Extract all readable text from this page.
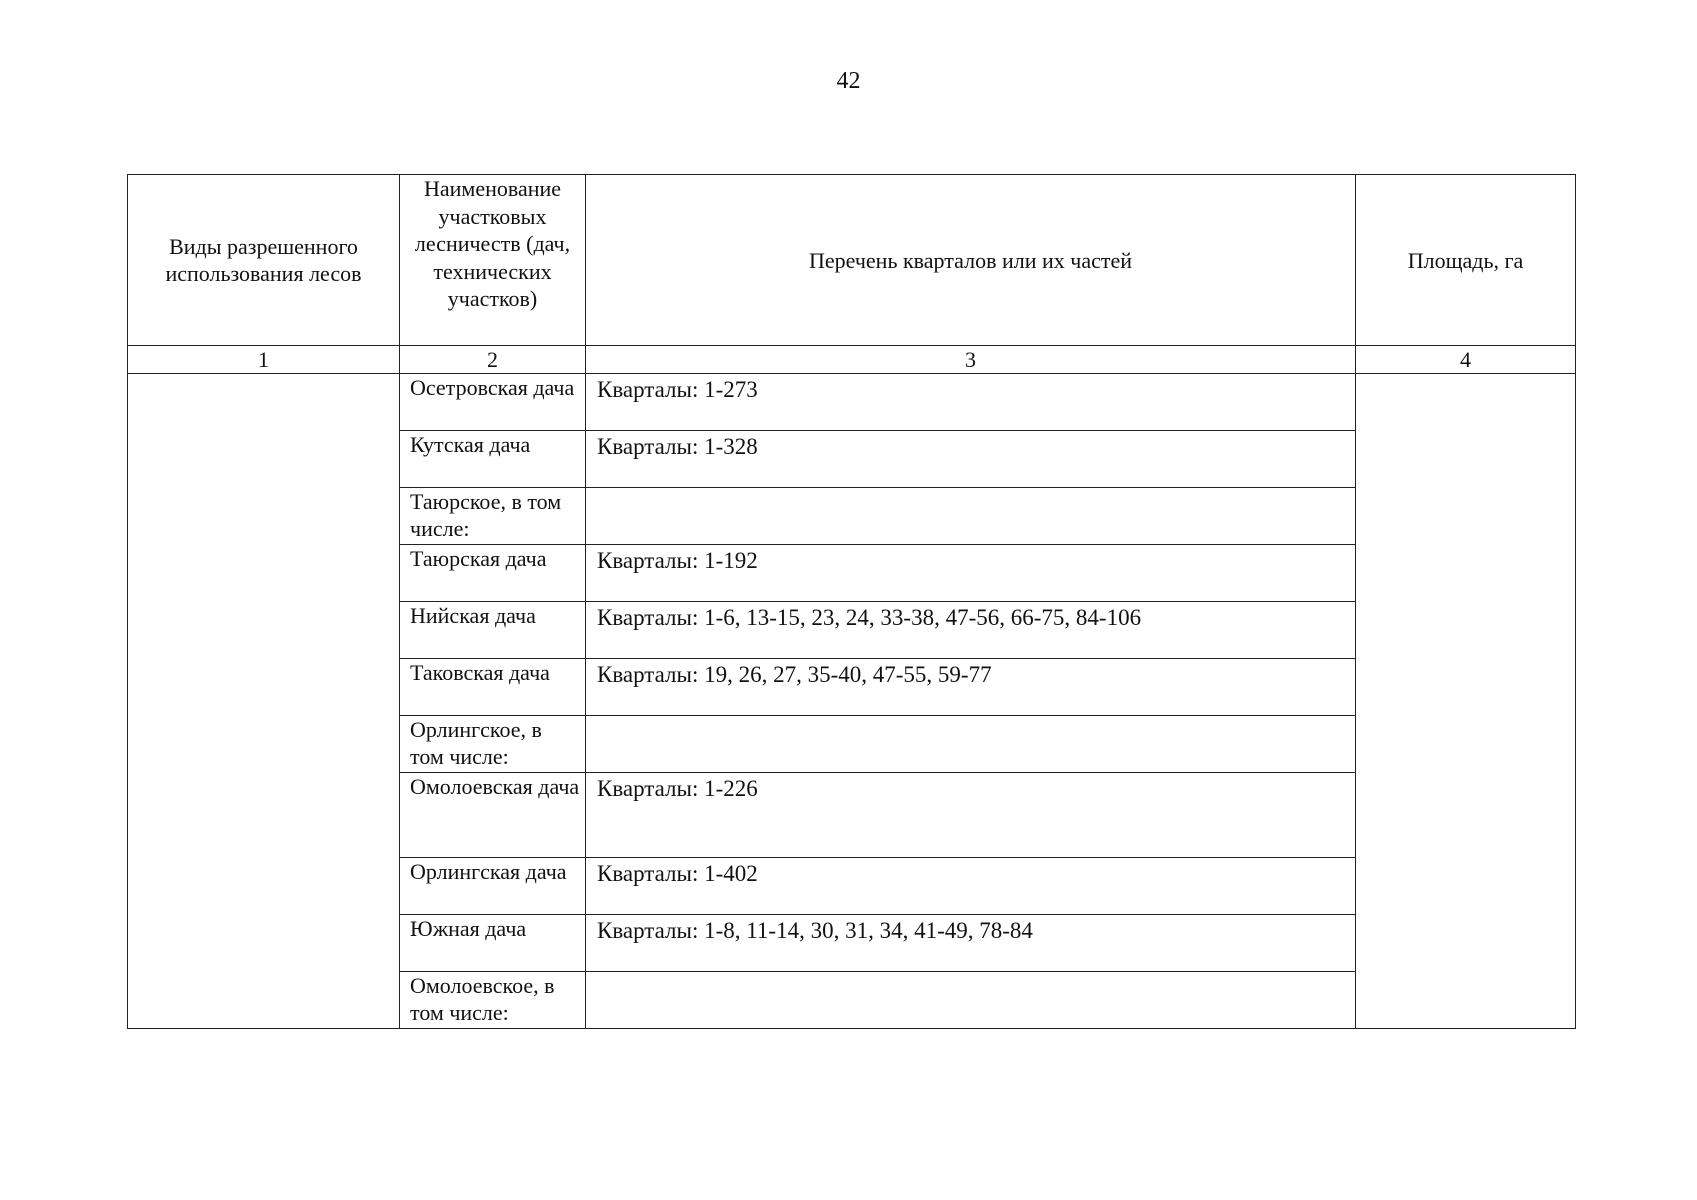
42
Виды разрешенного использования лесов	Наименование участковых лесничеств (дач, технических участков)	Перечень кварталов или их частей	Площадь, га
1	2	3	4
	Осетровская дача	Кварталы: 1-273	
	Кутская дача	Кварталы: 1-328	
	Таюрское, в том числе:		
	Таюрская дача	Кварталы: 1-192	
	Нийская дача	Кварталы: 1-6, 13-15, 23, 24, 33-38, 47-56, 66-75, 84-106	
	Таковская дача	Кварталы: 19, 26, 27, 35-40, 47-55, 59-77	
	Орлингское, в том числе:		
	Омолоевская дача	Кварталы: 1-226	
	Орлингская дача	Кварталы: 1-402	
	Южная дача	Кварталы: 1-8, 11-14, 30, 31, 34, 41-49, 78-84	
	Омолоевское, в том числе:		
